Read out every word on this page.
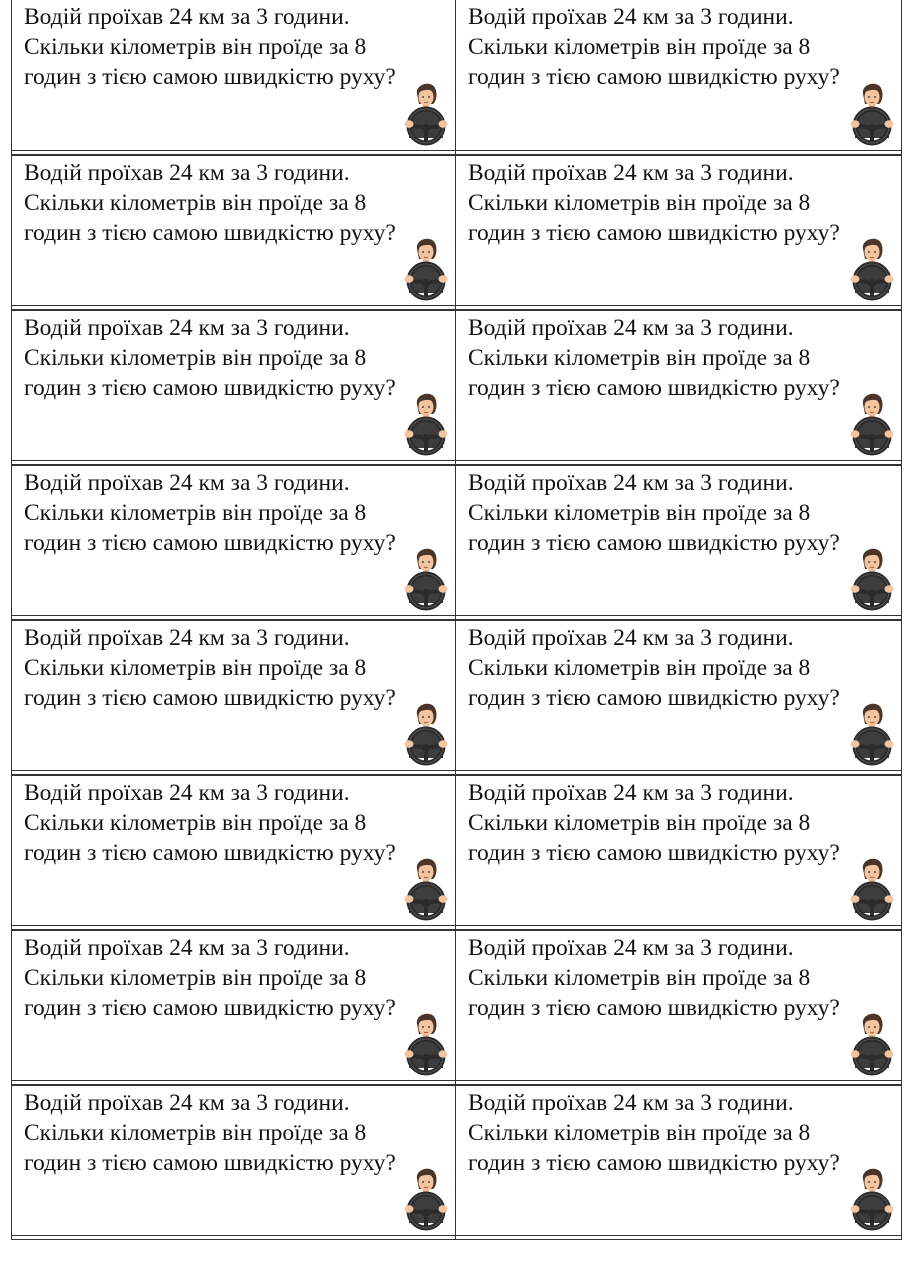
Водій проїхав 24 км за 3 години.
Скільки кілометрів він проїде за 8
годин з тією самою швидкістю руху?
Водій проїхав 24 км за 3 години.
Скільки кілометрів він проїде за 8
годин з тією самою швидкістю руху?
Водій проїхав 24 км за 3 години.
Скільки кілометрів він проїде за 8
годин з тією самою швидкістю руху?
Водій проїхав 24 км за 3 години.
Скільки кілометрів він проїде за 8
годин з тією самою швидкістю руху?
Водій проїхав 24 км за 3 години.
Скільки кілометрів він проїде за 8
годин з тією самою швидкістю руху?
Водій проїхав 24 км за 3 години.
Скільки кілометрів він проїде за 8
годин з тією самою швидкістю руху?
Водій проїхав 24 км за 3 години.
Скільки кілометрів він проїде за 8
годин з тією самою швидкістю руху?
Водій проїхав 24 км за 3 години.
Скільки кілометрів він проїде за 8
годин з тією самою швидкістю руху?
Водій проїхав 24 км за 3 години.
Скільки кілометрів він проїде за 8
годин з тією самою швидкістю руху?
Водій проїхав 24 км за 3 години.
Скільки кілометрів він проїде за 8
годин з тією самою швидкістю руху?
Водій проїхав 24 км за 3 години.
Скільки кілометрів він проїде за 8
годин з тією самою швидкістю руху?
Водій проїхав 24 км за 3 години.
Скільки кілометрів він проїде за 8
годин з тією самою швидкістю руху?
Водій проїхав 24 км за 3 години.
Скільки кілометрів він проїде за 8
годин з тією самою швидкістю руху?
Водій проїхав 24 км за 3 години.
Скільки кілометрів він проїде за 8
годин з тією самою швидкістю руху?
Водій проїхав 24 км за 3 години.
Скільки кілометрів він проїде за 8
годин з тією самою швидкістю руху?
Водій проїхав 24 км за 3 години.
Скільки кілометрів він проїде за 8
годин з тією самою швидкістю руху?
